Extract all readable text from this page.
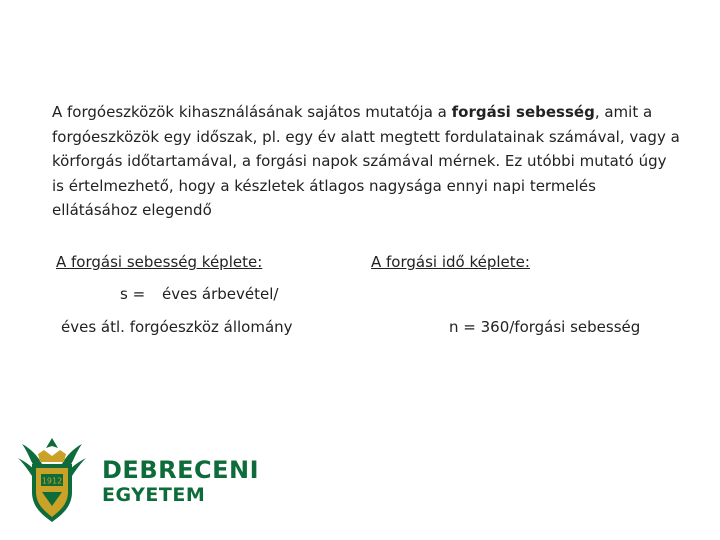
A forgóeszközök kihasználásának sajátos mutatója a forgási sebesség, amit a forgóeszközök egy időszak, pl. egy év alatt megtett fordulatainak számával, vagy a körforgás időtartamával, a forgási napok számával mérnek. Ez utóbbi mutató úgy is értelmezhető, hogy a készletek átlagos nagysága ennyi napi termelés ellátásához elegendő
A forgási sebesség képlete:
s = éves árbevétel/
éves átl. forgóeszköz állomány
A forgási idő képlete:
n = 360/forgási sebesség
1912 DEBRECENI
EGYETEM
